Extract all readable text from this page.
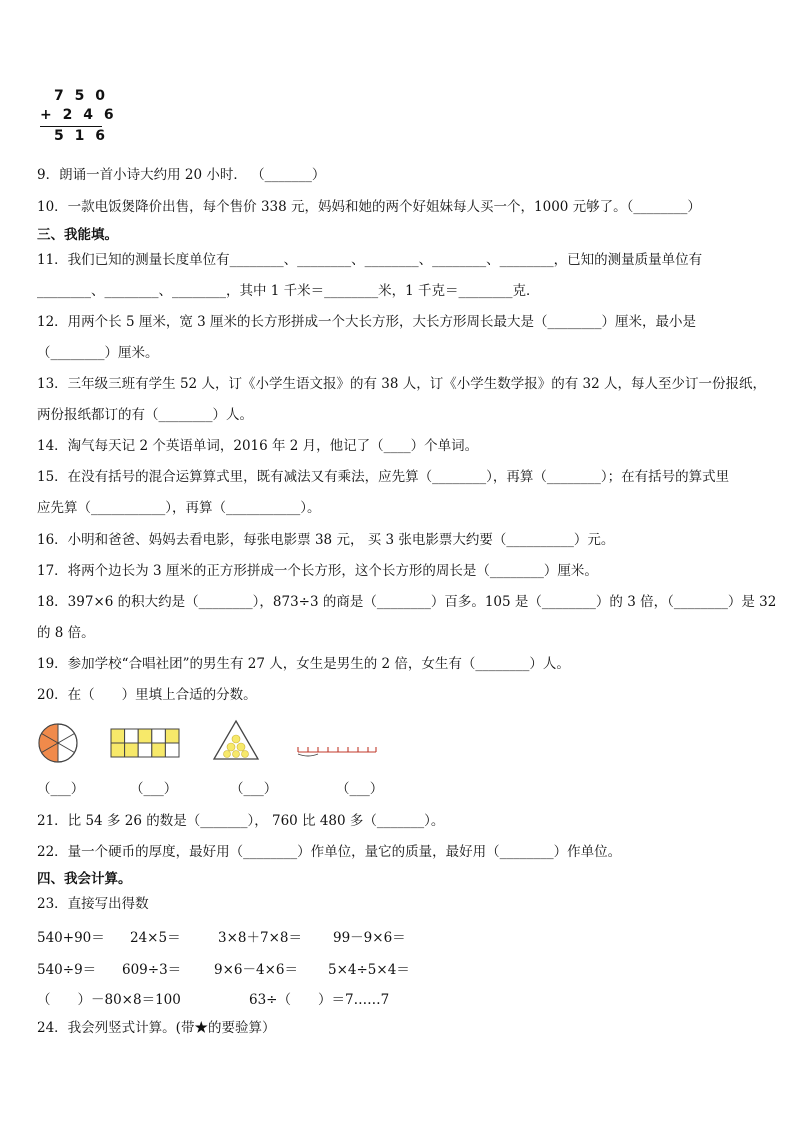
7 5 0
+ 2 4 6
5 1 6
9．朗诵一首小诗大约用 20 小时． （_______）
10．一款电饭煲降价出售，每个售价 338 元，妈妈和她的两个好姐妹每人买一个，1000 元够了。（________）
三、我能填。
11．我们已知的测量长度单位有________、________、________、________、________，已知的测量质量单位有
________、________、________，其中 1 千米＝________米，1 千克＝________克．
12．用两个长 5 厘米，宽 3 厘米的长方形拼成一个大长方形，大长方形周长最大是（________）厘米，最小是
（________）厘米。
13．三年级三班有学生 52 人，订《小学生语文报》的有 38 人，订《小学生数学报》的有 32 人，每人至少订一份报纸，
两份报纸都订的有（________）人。
14．淘气每天记 2 个英语单词，2016 年 2 月，他记了（____）个单词。
15．在没有括号的混合运算算式里，既有减法又有乘法，应先算（________），再算（________）；在有括号的算式里
应先算（___________），再算（___________）。
16．小明和爸爸、妈妈去看电影，每张电影票 38 元， 买 3 张电影票大约要（__________）元。
17．将两个边长为 3 厘米的正方形拼成一个长方形，这个长方形的周长是（________）厘米。
18．397×6 的积大约是（________），873÷3 的商是（________）百多。105 是（________）的 3 倍，（________）是 32
的 8 倍。
19．参加学校“合唱社团”的男生有 27 人，女生是男生的 2 倍，女生有（________）人。
20．在（　　）里填上合适的分数。
（___）	（___）	（___）	（___）
21．比 54 多 26 的数是（_______）， 760 比 480 多（_______）。
22．量一个硬币的厚度，最好用（________）作单位，量它的质量，最好用（________）作单位。
四、我会计算。
23．直接写出得数
540+90＝ 24×5＝	3×8＋7×8＝ 99－9×6＝
540÷9＝ 609÷3＝ 9×6－4×6＝ 5×4÷5×4＝
（　　）－80×8＝100	63÷（　　）＝7……7
24．我会列竖式计算。(带★的要验算）
